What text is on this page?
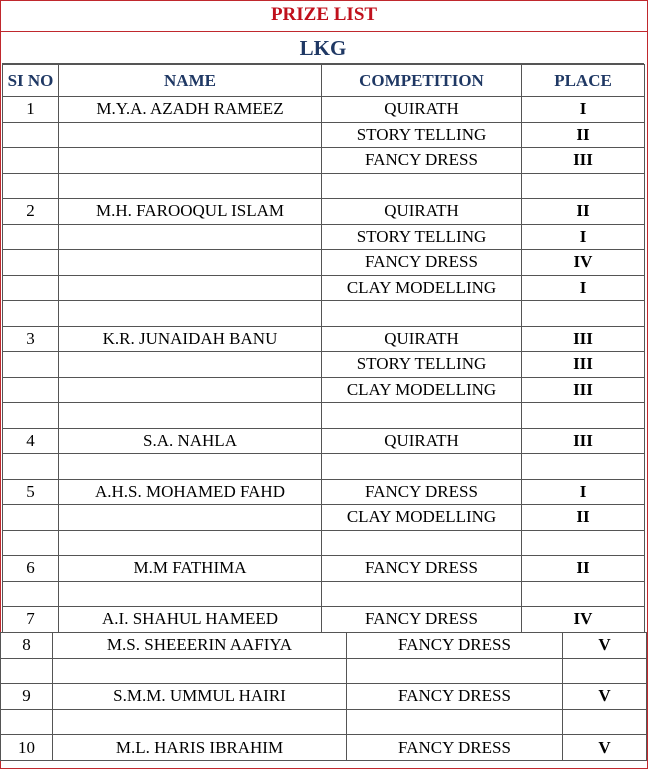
PRIZE LIST
LKG
SI NO	NAME	COMPETITION	PLACE
1	M.Y.A. AZADH RAMEEZ	QUIRATH	I
		STORY TELLING	II
		FANCY DRESS	III

2	M.H. FAROOQUL ISLAM	QUIRATH	II
		STORY TELLING	I
		FANCY DRESS	IV
		CLAY MODELLING	I

3	K.R. JUNAIDAH BANU	QUIRATH	III
		STORY TELLING	III
		CLAY MODELLING	III

4	S.A. NAHLA	QUIRATH	III

5	A.H.S. MOHAMED FAHD	FANCY DRESS	I
		CLAY MODELLING	II

6	M.M FATHIMA	FANCY DRESS	II

7	A.I. SHAHUL HAMEED	FANCY DRESS	IV
8	M.S. SHEEERIN AAFIYA	FANCY DRESS	V

9	S.M.M. UMMUL HAIRI	FANCY DRESS	V

10	M.L. HARIS IBRAHIM	FANCY DRESS	V
